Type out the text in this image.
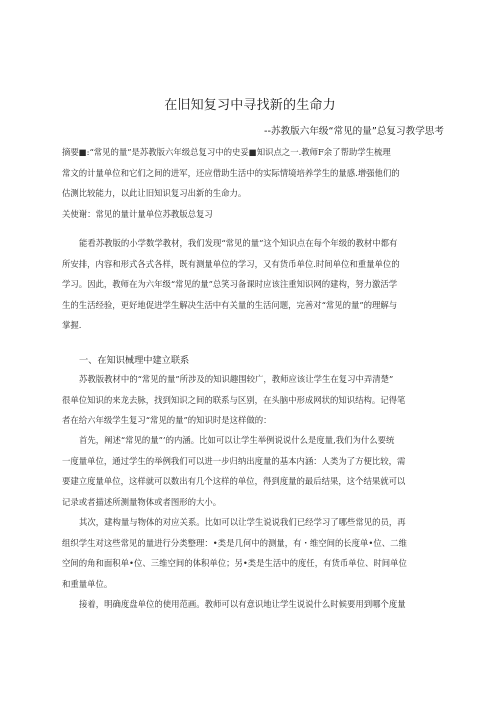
在旧知复习中寻找新的生命力
--苏教版六年级“常见的量”总复习教学思考
摘要■:“常见的量”是苏教版六年级总复习中的史妥■知识点之一.教师F余了帮助学生梳理
常文的计量单位和它们之间的进军，还应借助生活中的实际情境培养学生的量感.增强他们的
估测比较能力，以此让旧知识复习出新的生命力。
关使谢：常见的量计量单位苏教版总复习
能看苏教版的小学数学教材，我们发现“常见的量”这个知识点在每个年级的教材中都有
所安排，内容和形式各式各样，既有测量单位的学习，又有货币单位.时间单位和重量单位的
学习。因此，教师在为六年级“常见的量”总笑习备课时应该注重知识网的建构，努力激活学
生的生活经验，更好地促进学生解决生活中有关量的生活问题，完善对“常见的量”的理解与
掌握.
一、在知识械理中建立联系
苏教版教材中的“常见的量”所涉及的知识趣围较广，教师应该让学生在复习中弄清楚”
很单位知识的来龙去脉，找到知识之间的联系与区别，在头脑中形成网状的知识结构。记得笔
者在给六年级学生复习“常见的量”的知识时是这样做的：
首先，阐述“常见的量”’的内涵。比如可以让学生举例说说什么是度量,我们为什么要统
一度量单位，通过学生的举例我们可以进一步归纳出度量的基本内涵：人类为了方便比较，需
要建立度量单位，这样就可以数出有几个这样的单位，得到度量的最后结果，这个结果就可以
记录或者描述所测量物体或者图形的大小。
其次，建构量与物体的对应关系。比如可以让学生说说我们已经学习了哪些常见的员，再
组织学生对这些常见的量进行分类整理：•类是几何中的测量，有・维空间的长度单•位、二维
空间的角和面积单•位、三维空间的体积单位；另•类是生活中的度任，有货币单位、时间单位
和重量单位。
接着，明确度盘单位的使用范画。教师可以有意识地让学生说说什么时候要用到哪个度量
